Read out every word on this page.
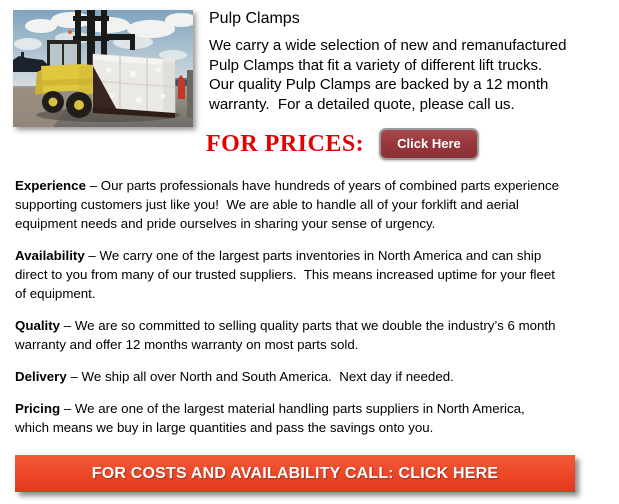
Pulp Clamps
We carry a wide selection of new and remanufactured
Pulp Clamps that fit a variety of different lift trucks.
Our quality Pulp Clamps are backed by a 12 month
warranty.  For a detailed quote, please call us.
FOR PRICES:	Click Here

Experience – Our parts professionals have hundreds of years of combined parts experience
supporting customers just like you!  We are able to handle all of your forklift and aerial
equipment needs and pride ourselves in sharing your sense of urgency.

Availability – We carry one of the largest parts inventories in North America and can ship
direct to you from many of our trusted suppliers.  This means increased uptime for your fleet
of equipment.

Quality – We are so committed to selling quality parts that we double the industry’s 6 month
warranty and offer 12 months warranty on most parts sold.

Delivery – We ship all over North and South America.  Next day if needed.

Pricing – We are one of the largest material handling parts suppliers in North America,
which means we buy in large quantities and pass the savings onto you.

FOR COSTS AND AVAILABILITY CALL: CLICK HERE
